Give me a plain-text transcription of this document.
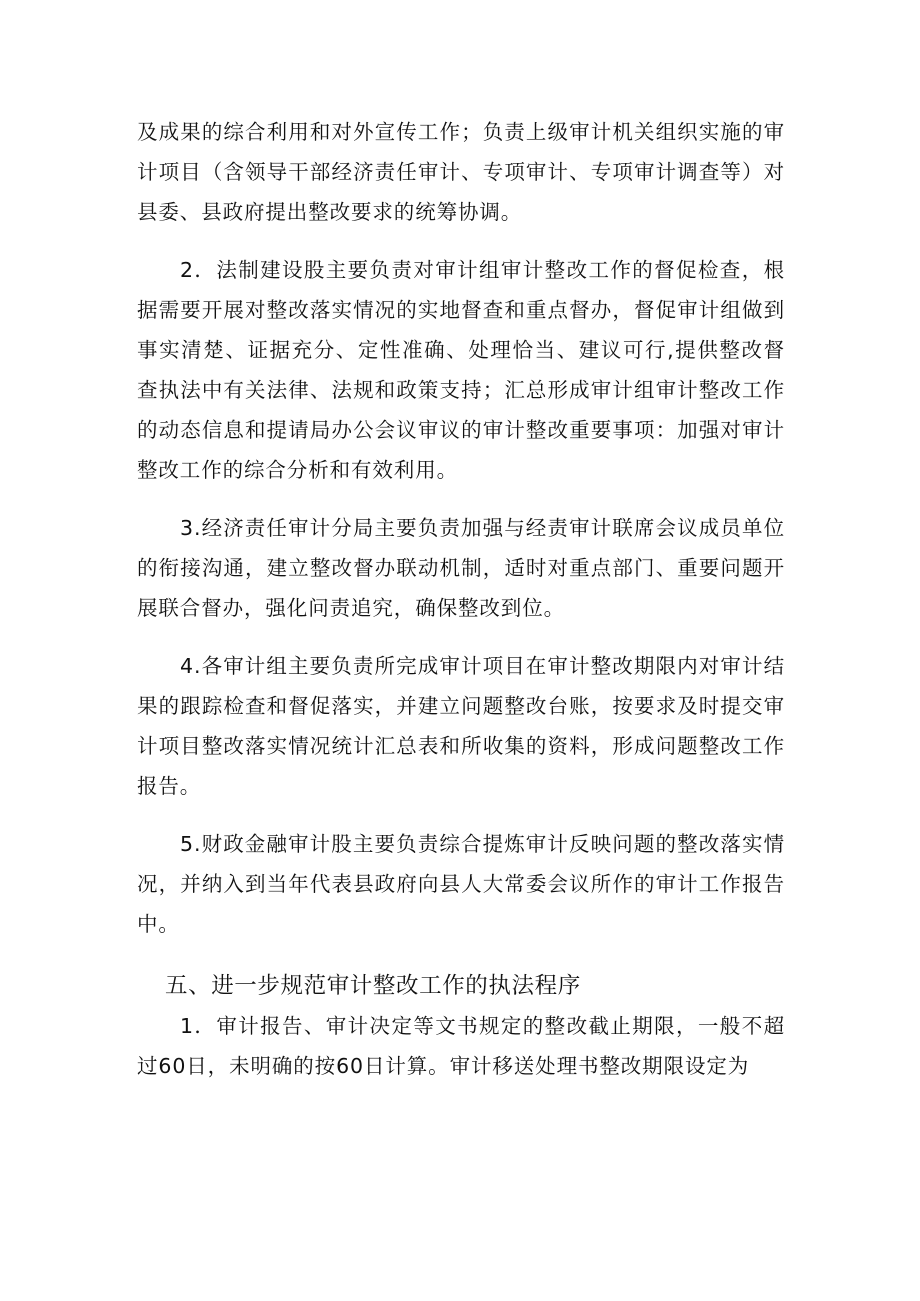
及成果的综合利用和对外宣传工作；负责上级审计机关组织实施的审计项目（含领导干部经济责任审计、专项审计、专项审计调查等）对县委、县政府提出整改要求的统筹协调。

2．法制建设股主要负责对审计组审计整改工作的督促检查，根据需要开展对整改落实情况的实地督查和重点督办，督促审计组做到事实清楚、证据充分、定性准确、处理恰当、建议可行,提供整改督查执法中有关法律、法规和政策支持；汇总形成审计组审计整改工作的动态信息和提请局办公会议审议的审计整改重要事项：加强对审计整改工作的综合分析和有效利用。

3.经济责任审计分局主要负责加强与经责审计联席会议成员单位的衔接沟通，建立整改督办联动机制，适时对重点部门、重要问题开展联合督办，强化问责追究，确保整改到位。

4.各审计组主要负责所完成审计项目在审计整改期限内对审计结果的跟踪检查和督促落实，并建立问题整改台账，按要求及时提交审计项目整改落实情况统计汇总表和所收集的资料，形成问题整改工作报告。

5.财政金融审计股主要负责综合提炼审计反映问题的整改落实情况，并纳入到当年代表县政府向县人大常委会议所作的审计工作报告中。

五、进一步规范审计整改工作的执法程序

1．审计报告、审计决定等文书规定的整改截止期限，一般不超过60日，未明确的按60日计算。审计移送处理书整改期限设定为
